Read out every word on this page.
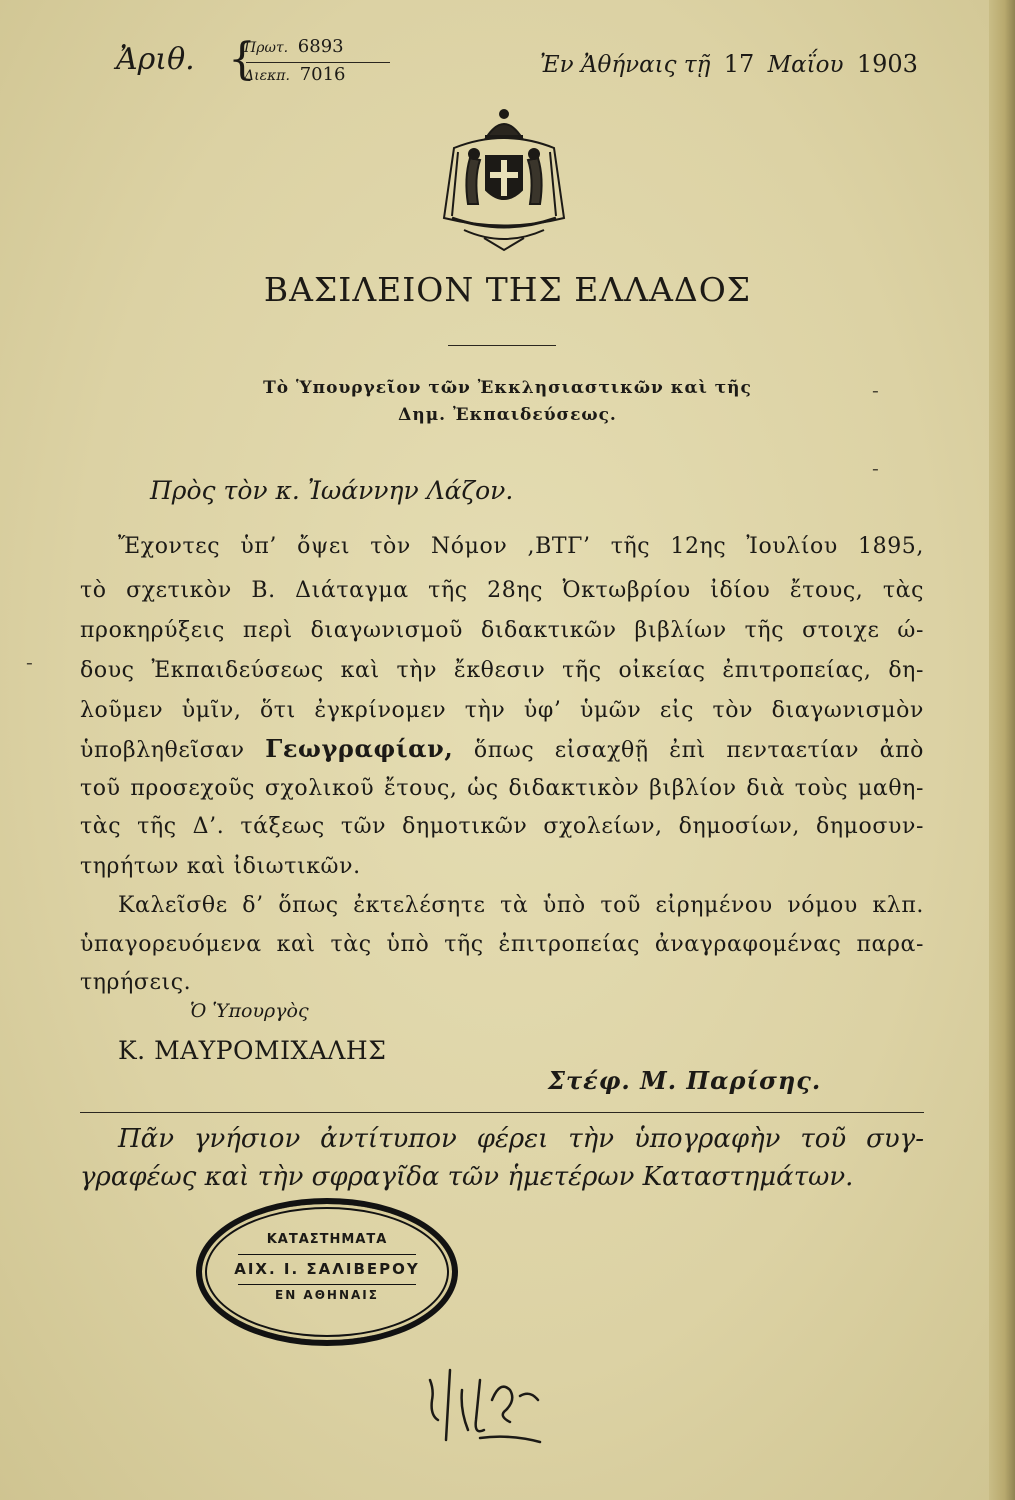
Ἀριθ. {
Πρωτ. 6893
Διεκπ. 7016	Ἐν Ἀθήναις τῇ 17 Μαΐου 1903
ΒΑΣΙΛΕΙΟΝ ΤΗΣ ΕΛΛΑΔΟΣ
Τὸ Ὑπουργεῖον τῶν Ἐκκλησιαστικῶν καὶ τῆς
Δημ. Ἐκπαιδεύσεως.
-
-
-
Πρὸς τὸν κ. Ἰωάννην Λάζον.
Ἔχοντες ὑπ’ ὄψει τὸν Νόμον ,ΒΤΓ’ τῆς 12ης Ἰουλίου 1895,
τὸ σχετικὸν Β. Διάταγμα τῆς 28ης Ὀκτωβρίου ἰδίου ἔτους, τὰς
προκηρύξεις περὶ διαγωνισμοῦ διδακτικῶν βιβλίων τῆς στοιχε ώ-
δους Ἐκπαιδεύσεως καὶ τὴν ἔκθεσιν τῆς οἰκείας ἐπιτροπείας, δη-
λοῦμεν ὑμῖν, ὅτι ἐγκρίνομεν τὴν ὑφ’ ὑμῶν εἰς τὸν διαγωνισμὸν
ὑποβληθεῖσαν Γεωγραφίαν, ὅπως εἰσαχθῇ ἐπὶ πενταετίαν ἀπὸ
τοῦ προσεχοῦς σχολικοῦ ἔτους, ὡς διδακτικὸν βιβλίον διὰ τοὺς μαθη-
τὰς τῆς Δ’. τάξεως τῶν δημοτικῶν σχολείων, δημοσίων, δημοσυν-
τηρήτων καὶ ἰδιωτικῶν.
Καλεῖσθε δ’ ὅπως ἐκτελέσητε τὰ ὑπὸ τοῦ εἰρημένου νόμου κλπ.
ὑπαγορευόμενα καὶ τὰς ὑπὸ τῆς ἐπιτροπείας ἀναγραφομένας παρα-
τηρήσεις.
Ὁ Ὑπουργὸς
Κ. ΜΑΥΡΟΜΙΧΑΛΗΣ
Στέφ. Μ. Παρίσης.
Πᾶν γνήσιον ἀντίτυπον φέρει τὴν ὑπογραφὴν τοῦ συγ-
γραφέως καὶ τὴν σφραγῖδα τῶν ἡμετέρων Καταστημάτων.
ΚΑΤΑΣΤΗΜΑΤΑ
ΑΙΧ. Ι. ΣΑΛΙΒΕΡΟΥ
ΕΝ ΑΘΗΝΑΙΣ
